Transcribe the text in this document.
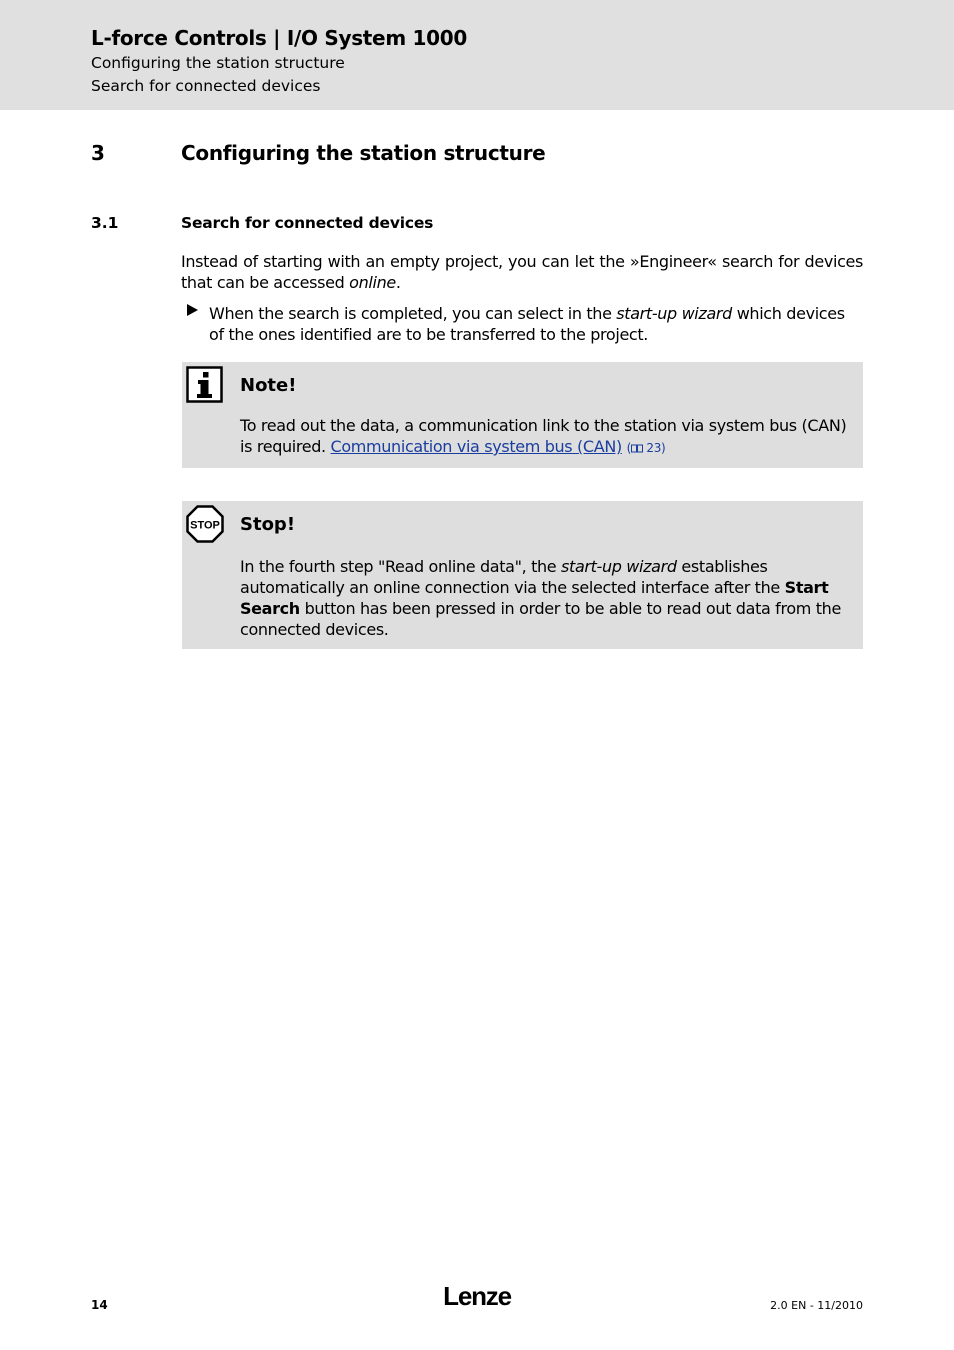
L-force Controls | I/O System 1000
Configuring the station structure
Search for connected devices
3	Configuring the station structure
3.1	Search for connected devices
Instead of starting with an empty project, you can let the »Engineer« search for devices that can be accessed online.
When the search is completed, you can select in the start-up wizard which devices of the ones identified are to be transferred to the project.
Note!
To read out the data, a communication link to the station via system bus (CAN) is required. Communication via system bus (CAN) ( 23)
STOP Stop!
In the fourth step "Read online data", the start-up wizard establishes automatically an online connection via the selected interface after the Start Search button has been pressed in order to be able to read out data from the connected devices.
14	Lenze	2.0 EN - 11/2010
